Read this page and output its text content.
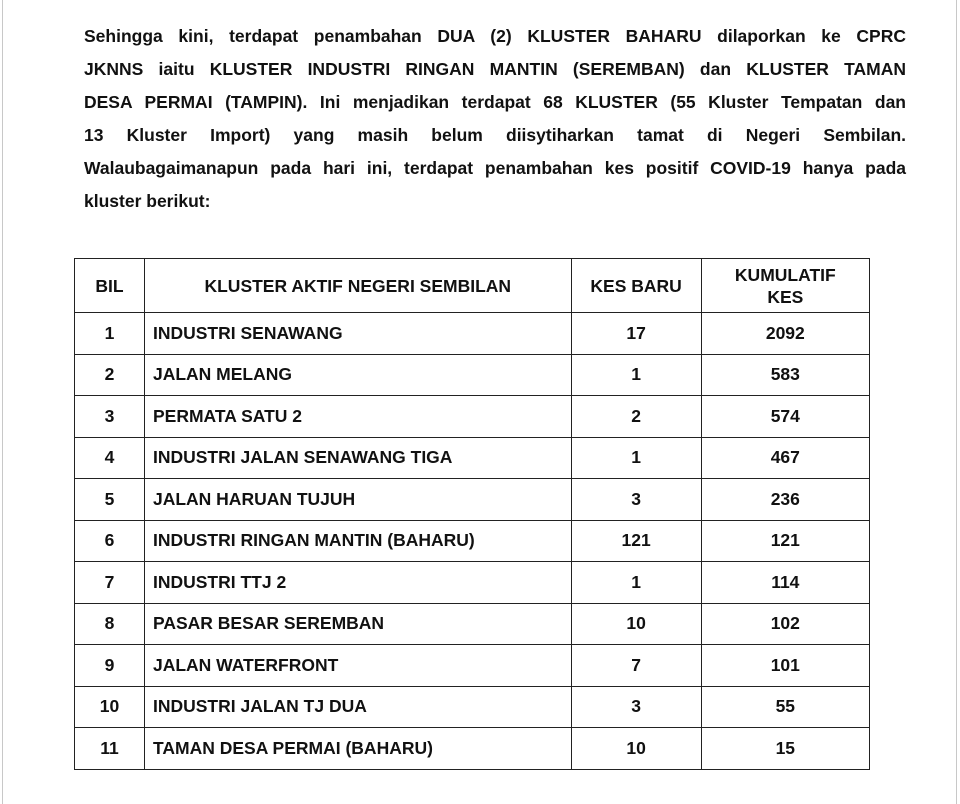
Sehingga kini, terdapat penambahan DUA (2) KLUSTER BAHARU dilaporkan ke CPRC
JKNNS iaitu KLUSTER INDUSTRI RINGAN MANTIN (SEREMBAN) dan KLUSTER TAMAN
DESA PERMAI (TAMPIN). Ini menjadikan terdapat 68 KLUSTER (55 Kluster Tempatan dan
13 Kluster Import) yang masih belum diisytiharkan tamat di Negeri Sembilan.
Walaubagaimanapun pada hari ini, terdapat penambahan kes positif COVID-19 hanya pada
kluster berikut:

BIL	KLUSTER AKTIF NEGERI SEMBILAN	KES BARU	KUMULATIF
KES
1	INDUSTRI SENAWANG	17	2092
2	JALAN MELANG	1	583
3	PERMATA SATU 2	2	574
4	INDUSTRI JALAN SENAWANG TIGA	1	467
5	JALAN HARUAN TUJUH	3	236
6	INDUSTRI RINGAN MANTIN (BAHARU)	121	121
7	INDUSTRI TTJ 2	1	114
8	PASAR BESAR SEREMBAN	10	102
9	JALAN WATERFRONT	7	101
10	INDUSTRI JALAN TJ DUA	3	55
11	TAMAN DESA PERMAI (BAHARU)	10	15
